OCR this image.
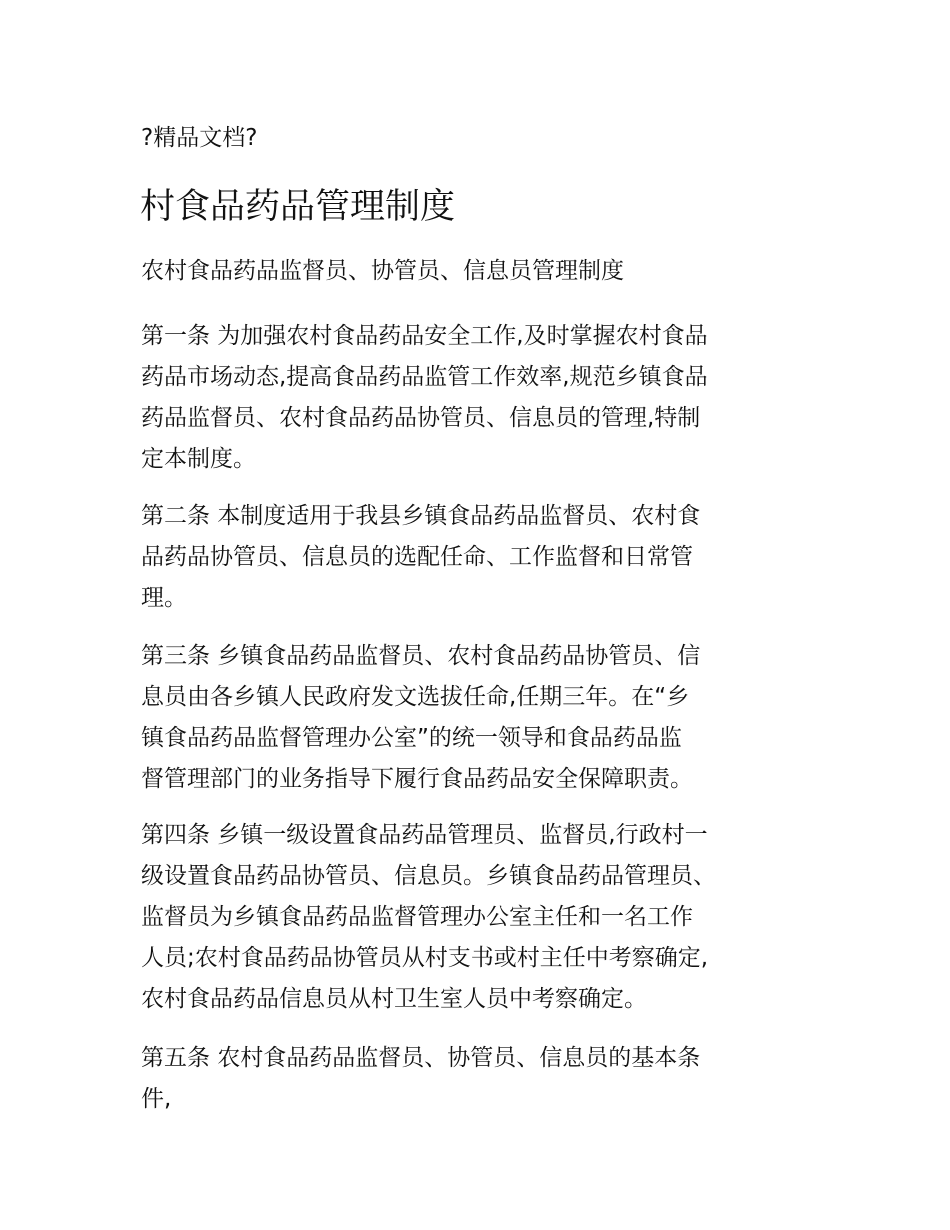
?精品文档?
村食品药品管理制度
农村食品药品监督员、协管员、信息员管理制度
第一条 为加强农村食品药品安全工作,及时掌握农村食品
药品市场动态,提高食品药品监管工作效率,规范乡镇食品
药品监督员、农村食品药品协管员、信息员的管理,特制
定本制度。
第二条 本制度适用于我县乡镇食品药品监督员、农村食
品药品协管员、信息员的选配任命、工作监督和日常管
理。
第三条 乡镇食品药品监督员、农村食品药品协管员、信
息员由各乡镇人民政府发文选拔任命,任期三年。在“乡
镇食品药品监督管理办公室”的统一领导和食品药品监
督管理部门的业务指导下履行食品药品安全保障职责。
第四条 乡镇一级设置食品药品管理员、监督员,行政村一
级设置食品药品协管员、信息员。乡镇食品药品管理员、
监督员为乡镇食品药品监督管理办公室主任和一名工作
人员;农村食品药品协管员从村支书或村主任中考察确定,
农村食品药品信息员从村卫生室人员中考察确定。
第五条 农村食品药品监督员、协管员、信息员的基本条
件,
